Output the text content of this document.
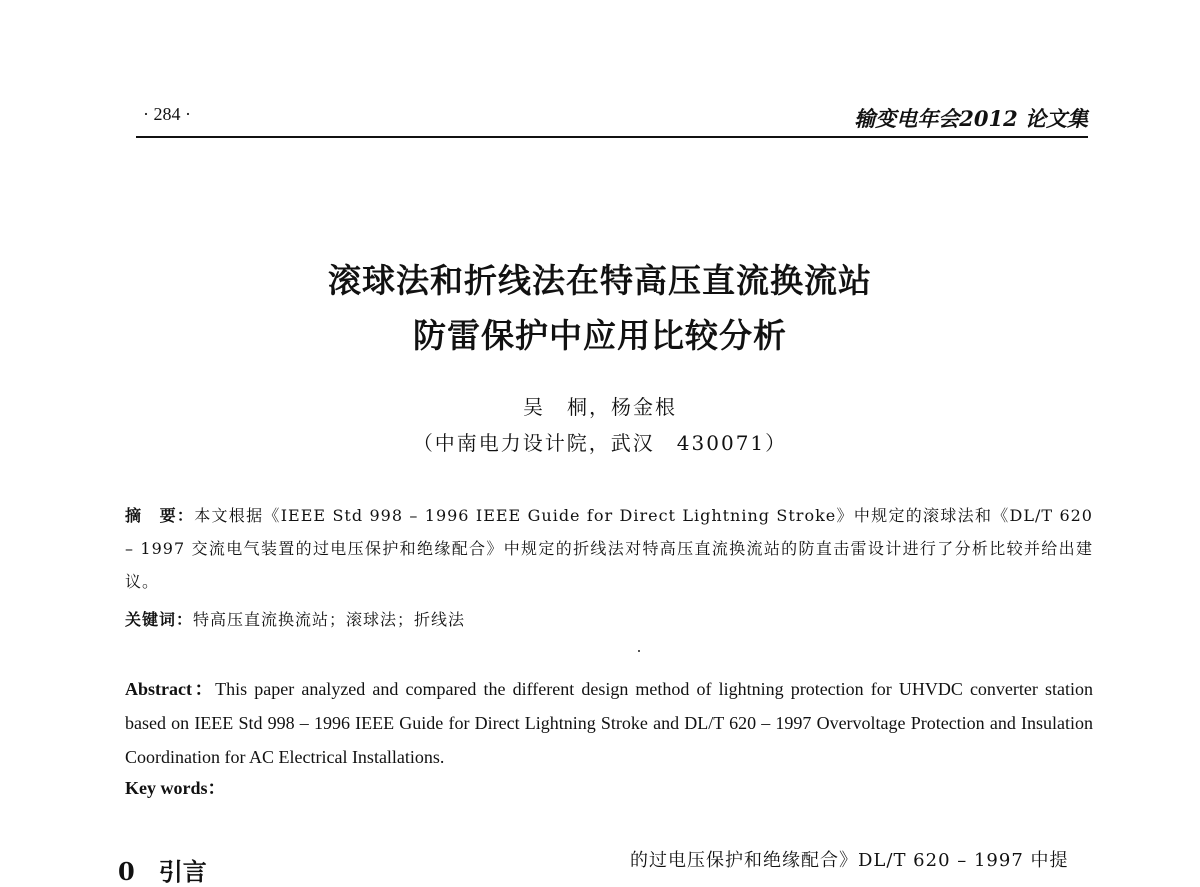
· 284 ·	输变电年会2012 论文集
滚球法和折线法在特高压直流换流站
防雷保护中应用比较分析
吴　桐，杨金根
（中南电力设计院，武汉　430071）
摘　要：本文根据《IEEE Std 998 – 1996 IEEE Guide for Direct Lightning Stroke》中规定的滚球法和《DL/T 620 – 1997 交流电气装置的过电压保护和绝缘配合》中规定的折线法对特高压直流换流站的防直击雷设计进行了分析比较并给出建议。
关键词：特高压直流换流站；滚球法；折线法
Abstract：This paper analyzed and compared the different design method of lightning protection for UHVDC converter station based on IEEE Std 998 – 1996 IEEE Guide for Direct Lightning Stroke and DL/T 620 – 1997 Overvoltage Protection and Insulation Coordination for AC Electrical Installations.
Key words：
0　引言	的过电压保护和绝缘配合》DL/T 620 – 1997 中提
